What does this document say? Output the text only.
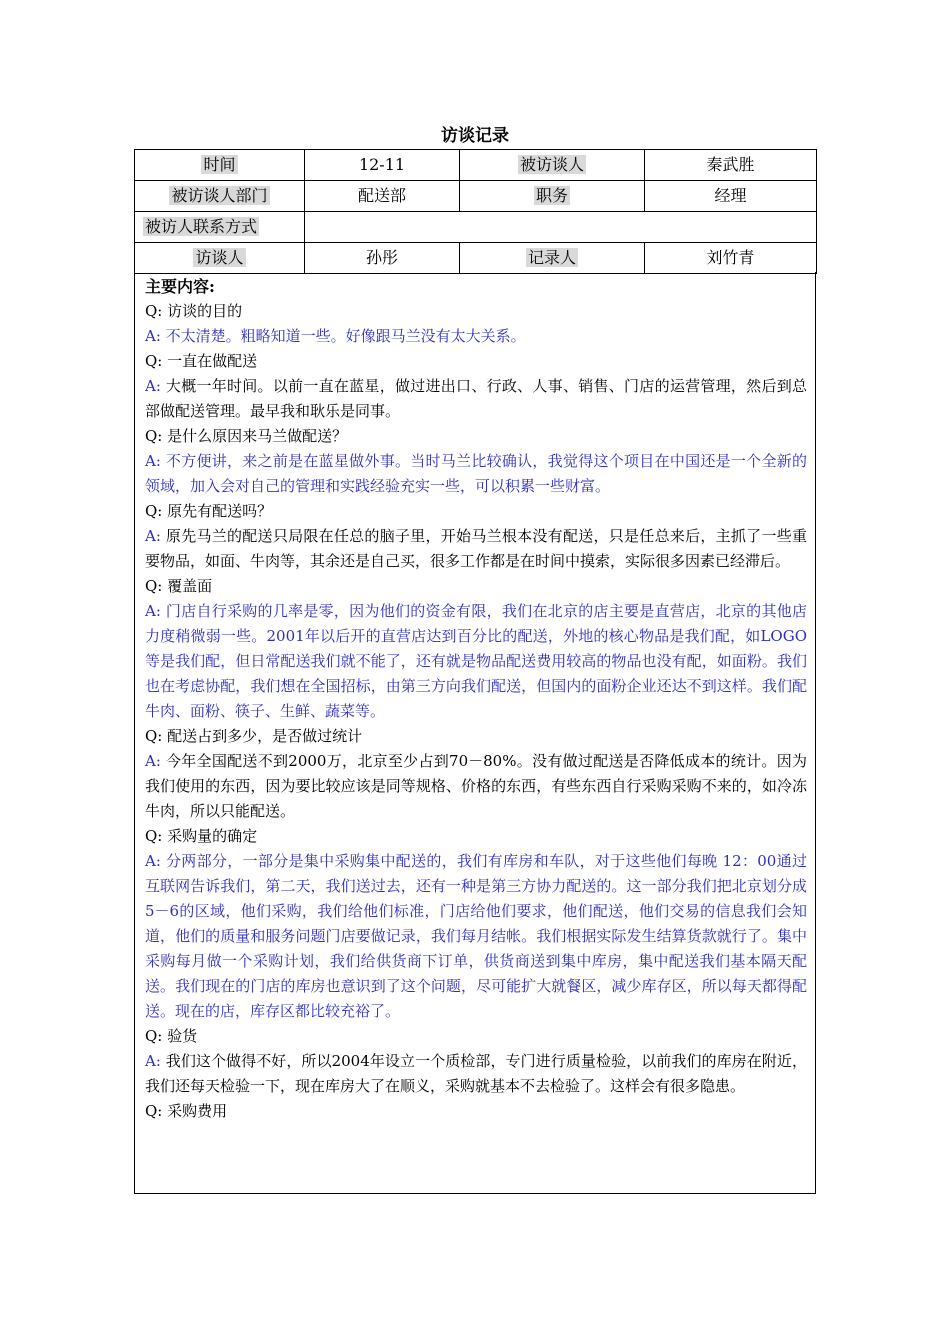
访谈记录
时间	12-11	被访谈人	秦武胜
被访谈人部门	配送部	职务	经理
被访人联系方式			
访谈人	孙彤	记录人	刘竹青
主要内容:

Q: 访谈的目的

A: 不太清楚。粗略知道一些。好像跟马兰没有太大关系。

Q: 一直在做配送

A: 大概一年时间。以前一直在蓝星，做过进出口、行政、人事、销售、门店的运营管理，然后到总部做配送管理。最早我和耿乐是同事。

Q: 是什么原因来马兰做配送？

A: 不方便讲，来之前是在蓝星做外事。当时马兰比较确认，我觉得这个项目在中国还是一个全新的领域，加入会对自己的管理和实践经验充实一些，可以积累一些财富。

Q: 原先有配送吗？

A: 原先马兰的配送只局限在任总的脑子里，开始马兰根本没有配送，只是任总来后，主抓了一些重要物品，如面、牛肉等，其余还是自己买，很多工作都是在时间中摸索，实际很多因素已经滞后。

Q: 覆盖面

A: 门店自行采购的几率是零，因为他们的资金有限，我们在北京的店主要是直营店，北京的其他店力度稍微弱一些。2001年以后开的直营店达到百分比的配送，外地的核心物品是我们配，如LOGO等是我们配，但日常配送我们就不能了，还有就是物品配送费用较高的物品也没有配，如面粉。我们也在考虑协配，我们想在全国招标，由第三方向我们配送，但国内的面粉企业还达不到这样。我们配牛肉、面粉、筷子、生鲜、蔬菜等。

Q: 配送占到多少，是否做过统计

A: 今年全国配送不到2000万，北京至少占到70－80%。没有做过配送是否降低成本的统计。因为我们使用的东西，因为要比较应该是同等规格、价格的东西，有些东西自行采购采购不来的，如冷冻牛肉，所以只能配送。

Q: 采购量的确定

A: 分两部分，一部分是集中采购集中配送的，我们有库房和车队，对于这些他们每晚 12：00通过互联网告诉我们，第二天，我们送过去，还有一种是第三方协力配送的。这一部分我们把北京划分成5－6的区域，他们采购，我们给他们标准，门店给他们要求，他们配送，他们交易的信息我们会知道，他们的质量和服务问题门店要做记录，我们每月结帐。我们根据实际发生结算货款就行了。集中采购每月做一个采购计划，我们给供货商下订单，供货商送到集中库房，集中配送我们基本隔天配送。我们现在的门店的库房也意识到了这个问题，尽可能扩大就餐区，减少库存区，所以每天都得配送。现在的店，库存区都比较充裕了。

Q: 验货

A: 我们这个做得不好，所以2004年设立一个质检部，专门进行质量检验，以前我们的库房在附近，我们还每天检验一下，现在库房大了在顺义，采购就基本不去检验了。这样会有很多隐患。

Q: 采购费用
